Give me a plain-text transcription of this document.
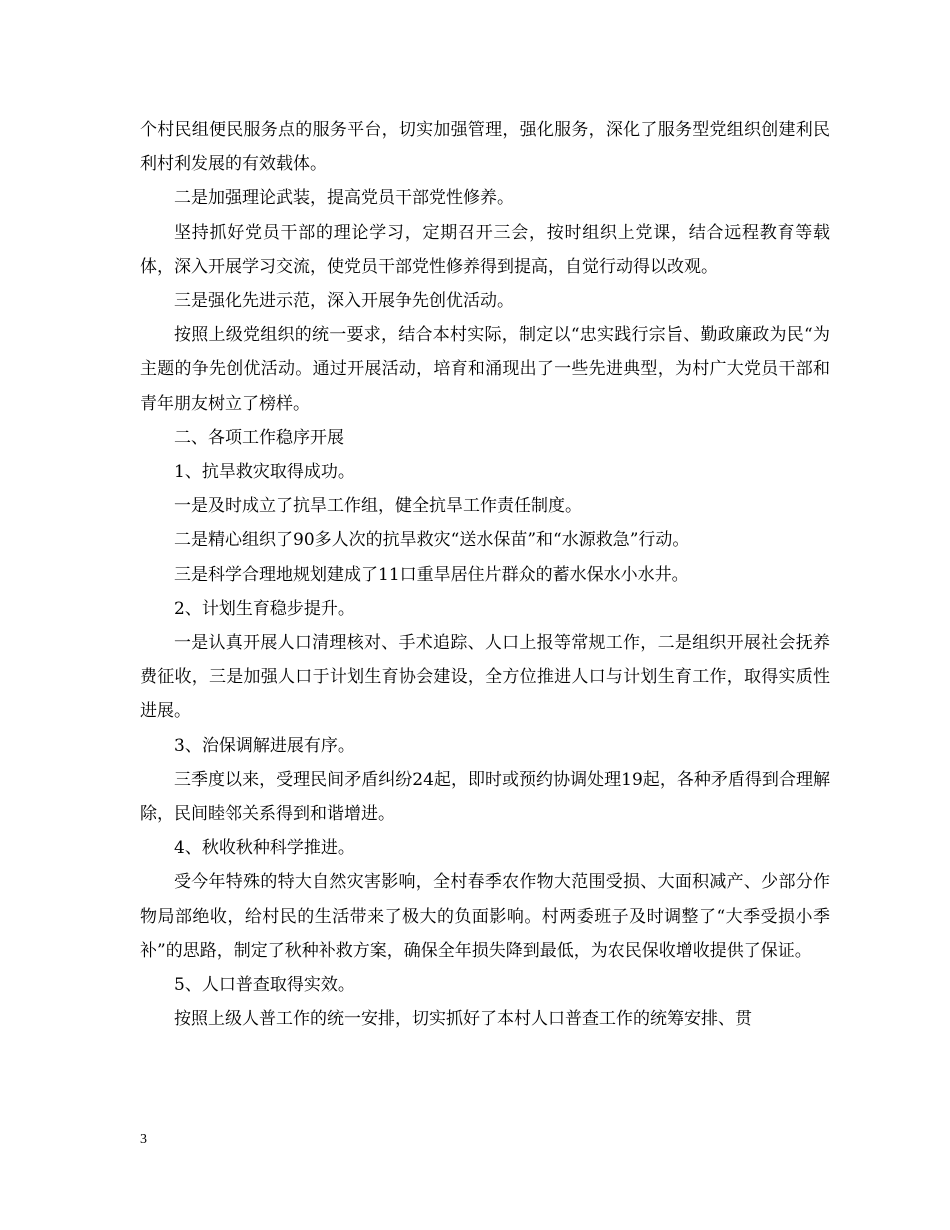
个村民组便民服务点的服务平台，切实加强管理，强化服务，深化了服务型党组织创建利民利村利发展的有效载体。

二是加强理论武装，提高党员干部党性修养。

坚持抓好党员干部的理论学习，定期召开三会，按时组织上党课，结合远程教育等载体，深入开展学习交流，使党员干部党性修养得到提高，自觉行动得以改观。

三是强化先进示范，深入开展争先创优活动。

按照上级党组织的统一要求，结合本村实际，制定以“忠实践行宗旨、勤政廉政为民“为主题的争先创优活动。通过开展活动，培育和涌现出了一些先进典型，为村广大党员干部和青年朋友树立了榜样。

二、各项工作稳序开展

1、抗旱救灾取得成功。

一是及时成立了抗旱工作组，健全抗旱工作责任制度。

二是精心组织了90多人次的抗旱救灾“送水保苗”和“水源救急”行动。

三是科学合理地规划建成了11口重旱居住片群众的蓄水保水小水井。

2、计划生育稳步提升。

一是认真开展人口清理核对、手术追踪、人口上报等常规工作，二是组织开展社会抚养费征收，三是加强人口于计划生育协会建设，全方位推进人口与计划生育工作，取得实质性进展。

3、治保调解进展有序。

三季度以来，受理民间矛盾纠纷24起，即时或预约协调处理19起，各种矛盾得到合理解除，民间睦邻关系得到和谐增进。

4、秋收秋种科学推进。

受今年特殊的特大自然灾害影响，全村春季农作物大范围受损、大面积减产、少部分作物局部绝收，给村民的生活带来了极大的负面影响。村两委班子及时调整了“大季受损小季补”的思路，制定了秋种补救方案，确保全年损失降到最低，为农民保收增收提供了保证。

5、人口普查取得实效。

按照上级人普工作的统一安排，切实抓好了本村人口普查工作的统筹安排、贯

3
